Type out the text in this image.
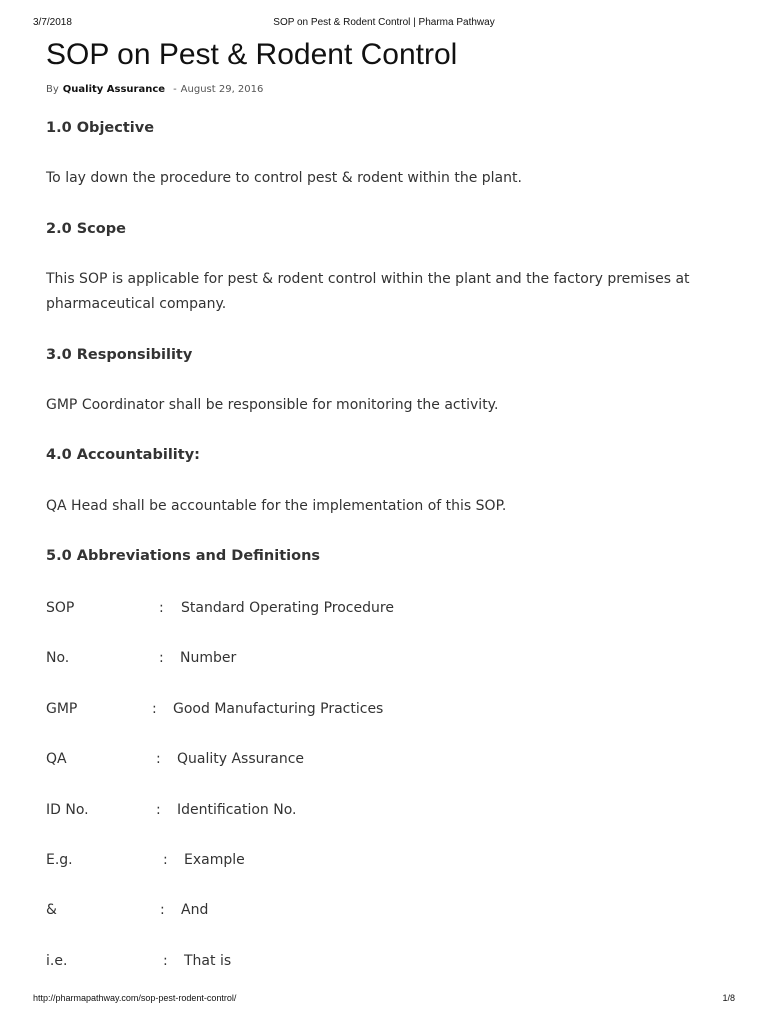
3/7/2018	SOP on Pest & Rodent Control | Pharma Pathway
SOP on Pest & Rodent Control
By Quality Assurance - August 29, 2016
1.0 Objective

To lay down the procedure to control pest & rodent within the plant.

2.0 Scope

This SOP is applicable for pest & rodent control within the plant and the factory premises at pharmaceutical company.

3.0 Responsibility

GMP Coordinator shall be responsible for monitoring the activity.

4.0 Accountability:

QA Head shall be accountable for the implementation of this SOP.

5.0 Abbreviations and Definitions
SOP	: Standard Operating Procedure
No.	: Number
GMP	: Good Manufacturing Practices
QA	: Quality Assurance
ID No.	: Identification No.
E.g.	: Example
&	: And
i.e.	: That is
http://pharmapathway.com/sop-pest-rodent-control/	1/8
